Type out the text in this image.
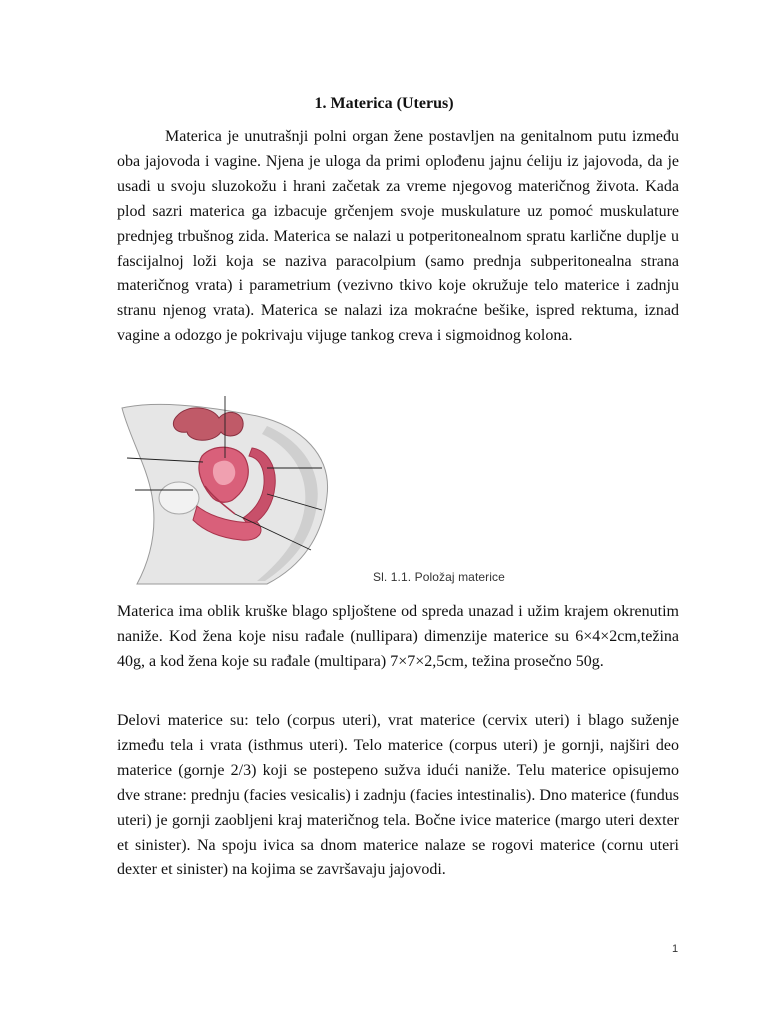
1. Materica (Uterus)

Materica je unutrašnji polni organ žene postavljen na genitalnom putu između oba jajovoda i vagine. Njena je uloga da primi oplođenu jajnu ćeliju iz jajovoda, da je usadi u svoju sluzokožu i hrani začetak za vreme njegovog materičnog života. Kada plod sazri materica ga izbacuje grčenjem svoje muskulature uz pomoć muskulature prednjeg trbušnog zida. Materica se nalazi u potperitonealnom spratu karlične duplje u fascijalnoj loži koja se naziva paracolpium (samo prednja subperitonealna strana materičnog vrata) i parametrium (vezivno tkivo koje okružuje telo materice i zadnju stranu njenog vrata). Materica se nalazi iza mokraćne bešike, ispred rektuma, iznad vagine a odozgo je pokrivaju vijuge tankog creva i sigmoidnog kolona.

Sl. 1.1. Položaj materice

Materica ima oblik kruške blago spljoštene od spreda unazad i užim krajem okrenutim naniže. Kod žena koje nisu rađale (nullipara) dimenzije materice su 6×4×2cm,težina 40g, a kod žena koje su rađale (multipara) 7×7×2,5cm, težina prosečno 50g.

Delovi materice su: telo (corpus uteri), vrat materice (cervix uteri) i blago suženje između tela i vrata (isthmus uteri). Telo materice (corpus uteri) je gornji, najširi deo materice (gornje 2/3) koji se postepeno sužva idući naniže. Telu materice opisujemo dve strane: prednju (facies vesicalis) i zadnju (facies intestinalis). Dno materice (fundus uteri) je gornji zaobljeni kraj materičnog tela. Bočne ivice materice (margo uteri dexter et sinister). Na spoju ivica sa dnom materice nalaze se rogovi materice (cornu uteri dexter et sinister) na kojima se završavaju jajovodi.

1
